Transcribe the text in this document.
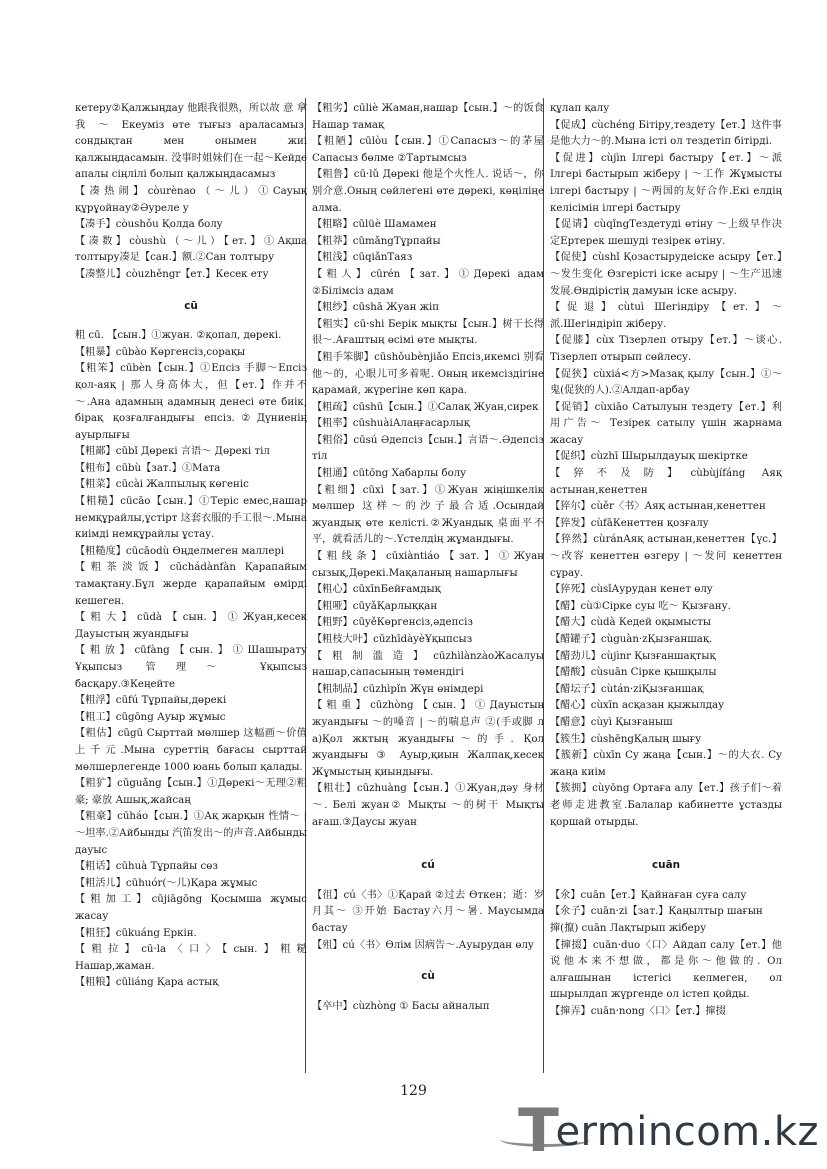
кетеру②Қалжыңдау 他跟我很熟，所以故 意 拿 我 ～ Екеуміз өте тығыз араласамыз, сондықтан мен онымен жиі қалжыңдасамын. 没事时姐妹们在一起～Кейде апалы сіңлілі болып қалжыңдасамыз

【凑热闹】còurènao（～儿）①Сауық құрұойнау②Әуреле у

【凑手】còushǒu Қолда болу

【凑数】còushù（～儿）【ет.】①Ақша толтыру凑足【сан.】额.②Сан толтыру

【凑整儿】còuzhěngr【ет.】Кесек ету

cū

粗 cū. 【сын.】①жуан. ②қопал, дөрекі.

【粗暴】cūbào Көргенсіз,сорақы

【粗笨】cūbèn【сын.】①Епсіз 手脚～Епсіз қол-аяқ | 那人身高体大，但【ет.】作并不～.Ана адамның адамның денесі өте биік, бірақ қозғалғандығы епсіз.②Дүниенің ауырлығы

【粗鄙】cūbǐ Дөрекі 言语～ Дөрекі тіл

【粗布】cūbù【зат.】①Мата

【粗菜】cūcài Жалпылық көгеніс

【粗糙】cūcāo【сын.】①Теріс емес,нашар немқұрайлы,ұстірт 这套衣服的手工很～.Мына киімді немқұрайлы ұстау.

【粗糙度】cūcāodù Өңделмеген маллері

【粗茶淡饭】cūchádànfàn Қарапайым тамақтану.Бұл жерде қарапайым өмірді кешеген.

【粗大】cūdà【сын.】①Жуан,кесек Дауыстың жуандығы

【粗放】cūfàng【сын.】①Шашырату Ұқыпсыз 管理～ Ұқыпсыз басқару.③Кеңейте

【粗浮】cūfú Тұрпайы,дөрекі

【粗工】cūgōng Ауыр жұмыс

【粗估】cūgū Сырттай мөлшер 这幅画～价值上千元.Мына суреттің бағасы сырттай мөлшерлегенде 1000 юань болып қалады.

【粗犷】cūguǎng【сын.】①Дөрекі～无理②粗豪; 豪放 Ашық,жайсаң

【粗豪】cūháo【сын.】①Ақ жарқын 性情～ | ～坦率.②Айбынды 汽笛发出～的声音.Айбынды дауыс

【粗话】cūhuà Тұрпайы сөз

【粗活儿】cūhuór(～儿)Қара жұмыс

【粗加工】cūjiāgōng Қосымша жұмыс жасау

【粗狂】cūkuáng Еркін.

【粗拉】cū·la〈口〉【сын.】粗糙 Нашар,жаман.

【粗粮】cūliáng Қара астық

【粗劣】cūliè Жаман,нашар【сын.】～的饭食 Нашар тамақ

【粗陋】cūlòu【сын.】①Сапасыз～的茅屋 Сапасыз бөлме ②Тартымсыз

【粗鲁】cū·lǔ Дөрекі 他是个火性人. 说话～，你别介意.Оның сөйлегені өте дөрекі, көңіліңе алма.

【粗略】cūlüè Шамамен

【粗莽】cūmǎngТұрпайы

【粗浅】cūqiǎnТаяз

【粗人】cūrén【зат.】①Дөрекі адам ②Білімсіз адам

【粗纱】cūshā Жуан жіп

【粗实】cū·shi Берік мықты【сын.】树干长得很～.Ағаштың өсімі өте мықты.

【粗手笨脚】cūshǒubènjiǎo Епсіз,икемсі 别看他～的，心眼儿可多着呢. Оның икемсіздігіне қарамай, жүрегіне көп қара.

【粗疏】cūshū【сын.】①Салақ Жуан,сирек

【粗率】cūshuàiАлаңғасарлық

【粗俗】cūsú Әдепсіз【сын.】言语～.Әдепсіз тіл

【粗通】cūtōng Хабарлы болу

【粗细】cūxì【зат.】①Жуан жіңішкелік мөлшер 这样～的沙子最合适.Осындай жуандық өте келісті.②Жуандық 桌面平不平，就看活儿的～.Үстелдің жұмандығы.

【粗线条】cūxiàntiáo【зат.】①Жуан сызық,Дөрекі.Мақаланың нашарлығы

【粗心】cūxīnБейғамдық

【粗哑】cūyǎҚарлыққан

【粗野】cūyěКөргенсіз,әдепсіз

【粗枝大叶】cūzhīdàyèҰқыпсыз

【粗制滥造】cūzhìlànzàoЖасалуы нашар,сапасының төмендігі

【粗制品】cūzhìpǐn Жүн өнімдері

【粗重】cūzhòng【сын.】①Дауыстың жуандығы ～的嗓音 | ～的喘息声 ②(手或脚 л а)Қол жктың жуандығы～的手. Қол жуандығы ③ Ауыр,қиын Жалпақ,кесек Жұмыстың қиындығы.

【粗壮】cūzhuàng【сын.】①Жуан,дәу 身材～. Белі жуан② Мықты ～的树干 Мықты ағаш.③Даусы жуан

cú

【徂】cú〈书〉①Қарай ②过去 Өткен；逝：岁月其～ ③开始 Бастау六月～暑. Маусымда бастау

【殂】cú〈书〉Өлім 因病告～.Ауырудан өлу

cù

【卒中】cùzhòng ① Басы айналып

құлап қалу

【促成】cùchéng Бітіру,тездету【ет.】这件事是他大力～的.Мына істі ол тездетіп бітірді.

【促进】cùjìn Ілгері бастыру【ет.】～派 Ілгері бастырып жіберу | ～工作 Жұмысты ілгері бастыру | ～两国的友好合作.Екі елдің келісімін ілгері бастыру

【促请】cùqǐngТездетуді өтіну ～上级早作决定Ертерек шешуді тезірек өтіну.

【促使】cùshǐ Қозастырудеіске асыру【ет.】～发生变化 Өзгерісті іске асыру | ～生产迅速发展.Өндірістің дамуын іске асыру.

【促退】cùtuì Шегіндіру【ет.】～派.Шегіндіріп жіберу.

【促膝】cùx Тізерлеп отыру【ет.】～谈心. Тізерлеп отырып сөйлесу.

【促狭】cùxiá<方>Мазақ қылу【сын.】①～鬼(促狭的人).②Алдап-арбау

【促销】cùxiāo Сатылуын тездету【ет.】利用广告～ Тезірек сатылу үшін жарнама жасау

【促织】cùzhī Шырылдауық шекіртке

【猝不及防】cùbùjífáng Аяқ астынан,кенеттен

【猝尔】cùěr〈书〉Аяқ астынан,кенеттен

【猝发】cùfāКенеттен қозғалу

【猝然】cùránАяқ астынан,кенеттен【үс.】～改容 кенеттен өзгеру | ～发问 кенеттен сұрау.

【猝死】cùsǐАурудан кенет өлу

【醋】cù①Сірке суы 吃～ Қызғану.

【醋大】cùdà Кедей оқымысты

【醋罐子】cùguàn·zҚызғаншақ.

【醋劲儿】cùjìnr Қызғаншақтық

【醋酸】cùsuān Сірке қышқылы

【醋坛子】cùtán·ziҚызғаншақ

【醋心】cùxīn асқазан қыжылдау

【醋意】cùyì Қызғаныш

【簇生】cùshēngҚалың шығу

【簇新】cùxīn Су жаңа【сын.】～的大衣. Су жаңа киім

【簇拥】cùyōng Ортаға алу【ет.】孩子们～着老师走进教室.Балалар кабинетте ұстазды қоршай отырды.

cuān

【氽】cuān【ет.】Қайнаған суға салу

【氽子】cuān·zi【зат.】Қаңылтыр шағын

撺(攛) cuān Лақтырып жіберу

【撺掇】cuān·duo〈口〉Айдап салу【ет.】他说他本来不想做，都是你～他做的. Ол алғашынан істегісі келмеген, ол шырылдап жүргенде ол істеп қойды.

【撺弄】cuān·nong〈口〉【ет.】撺掇

129
Termincom.kz
